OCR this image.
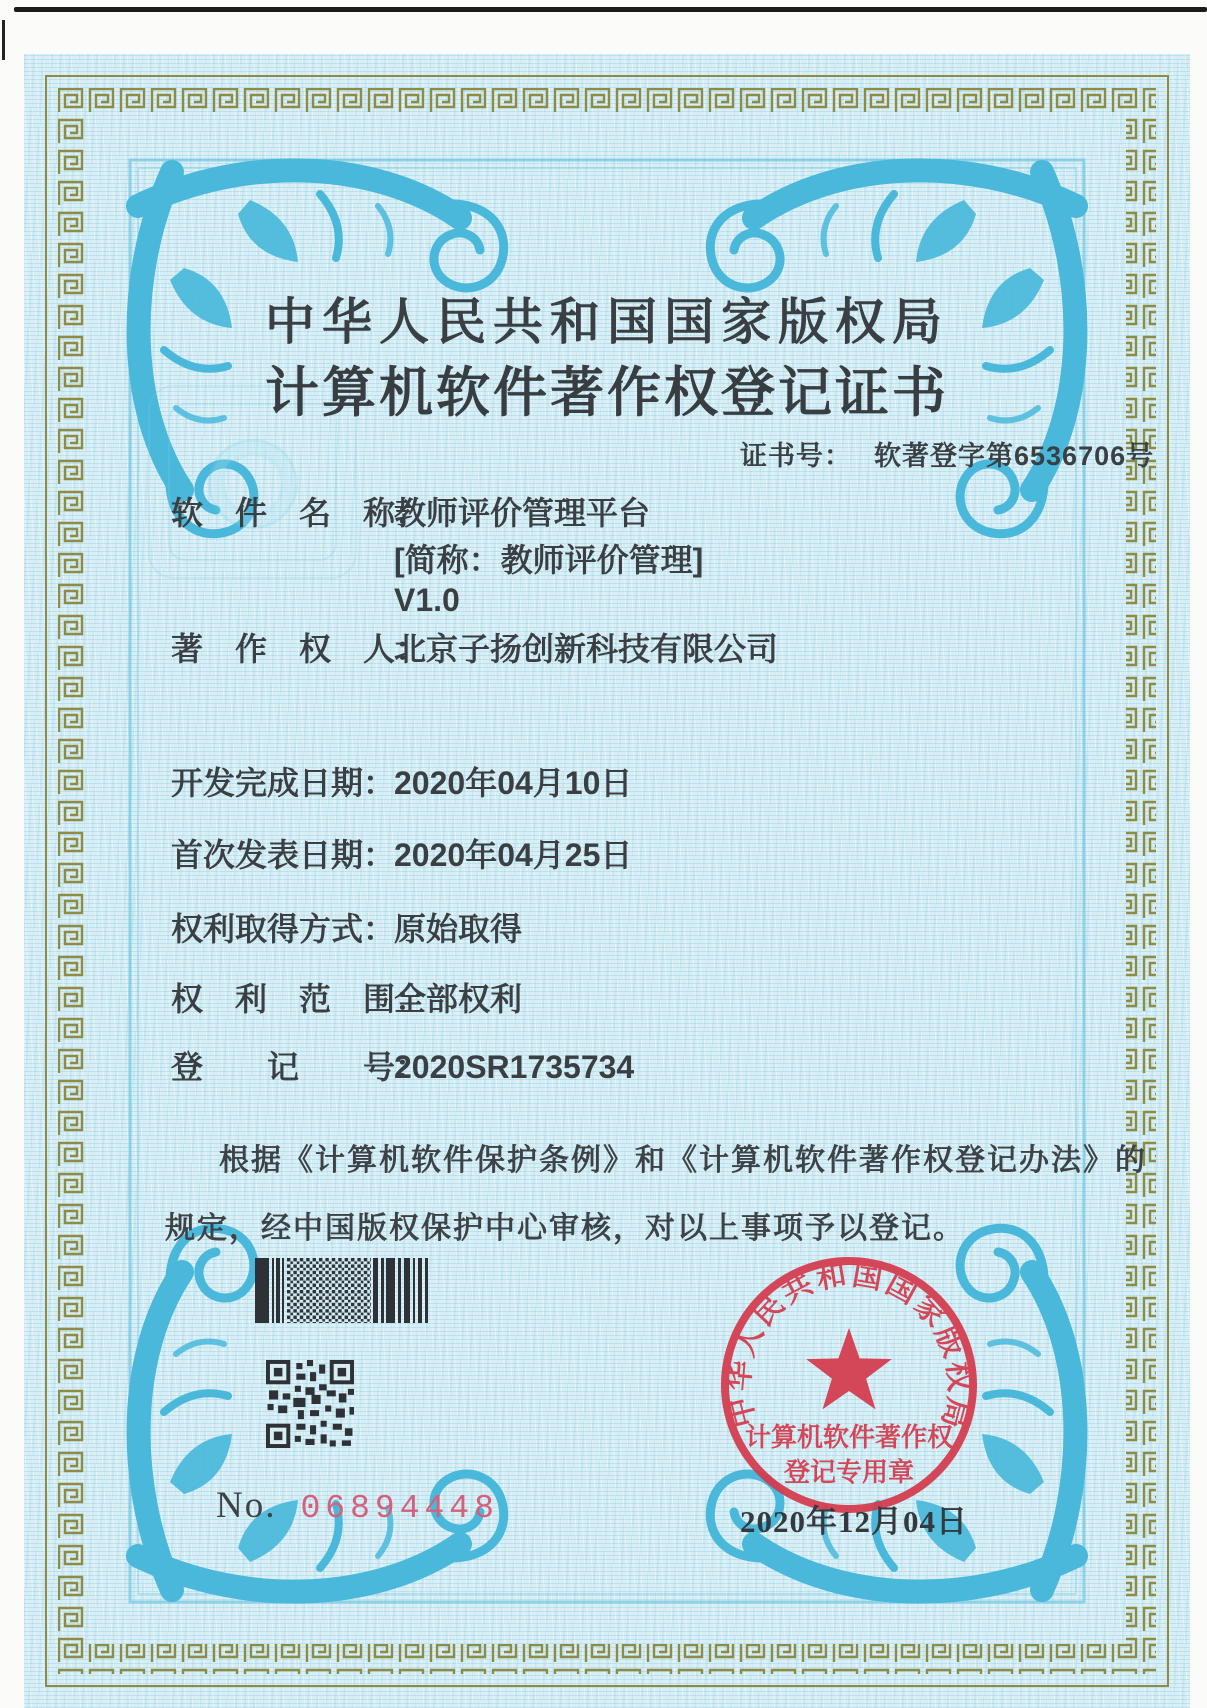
中华人民共和国国家版权局
计算机软件著作权登记证书
证书号： 软著登字第6536706号
软　件　名　称：教师评价管理平台
[简称：教师评价管理]
V1.0
著　作　权　人：北京子扬创新科技有限公司
开发完成日期：2020年04月10日
首次发表日期：2020年04月25日
权利取得方式：原始取得
权　利　范　围：全部权利
登　　记　　号：2020SR1735734
根据《计算机软件保护条例》和《计算机软件著作权登记办法》的
规定，经中国版权保护中心审核，对以上事项予以登记。
No. 06894448
中华人民共和国国家版权局
计算机软件著作权
登记专用章
2020年12月04日
